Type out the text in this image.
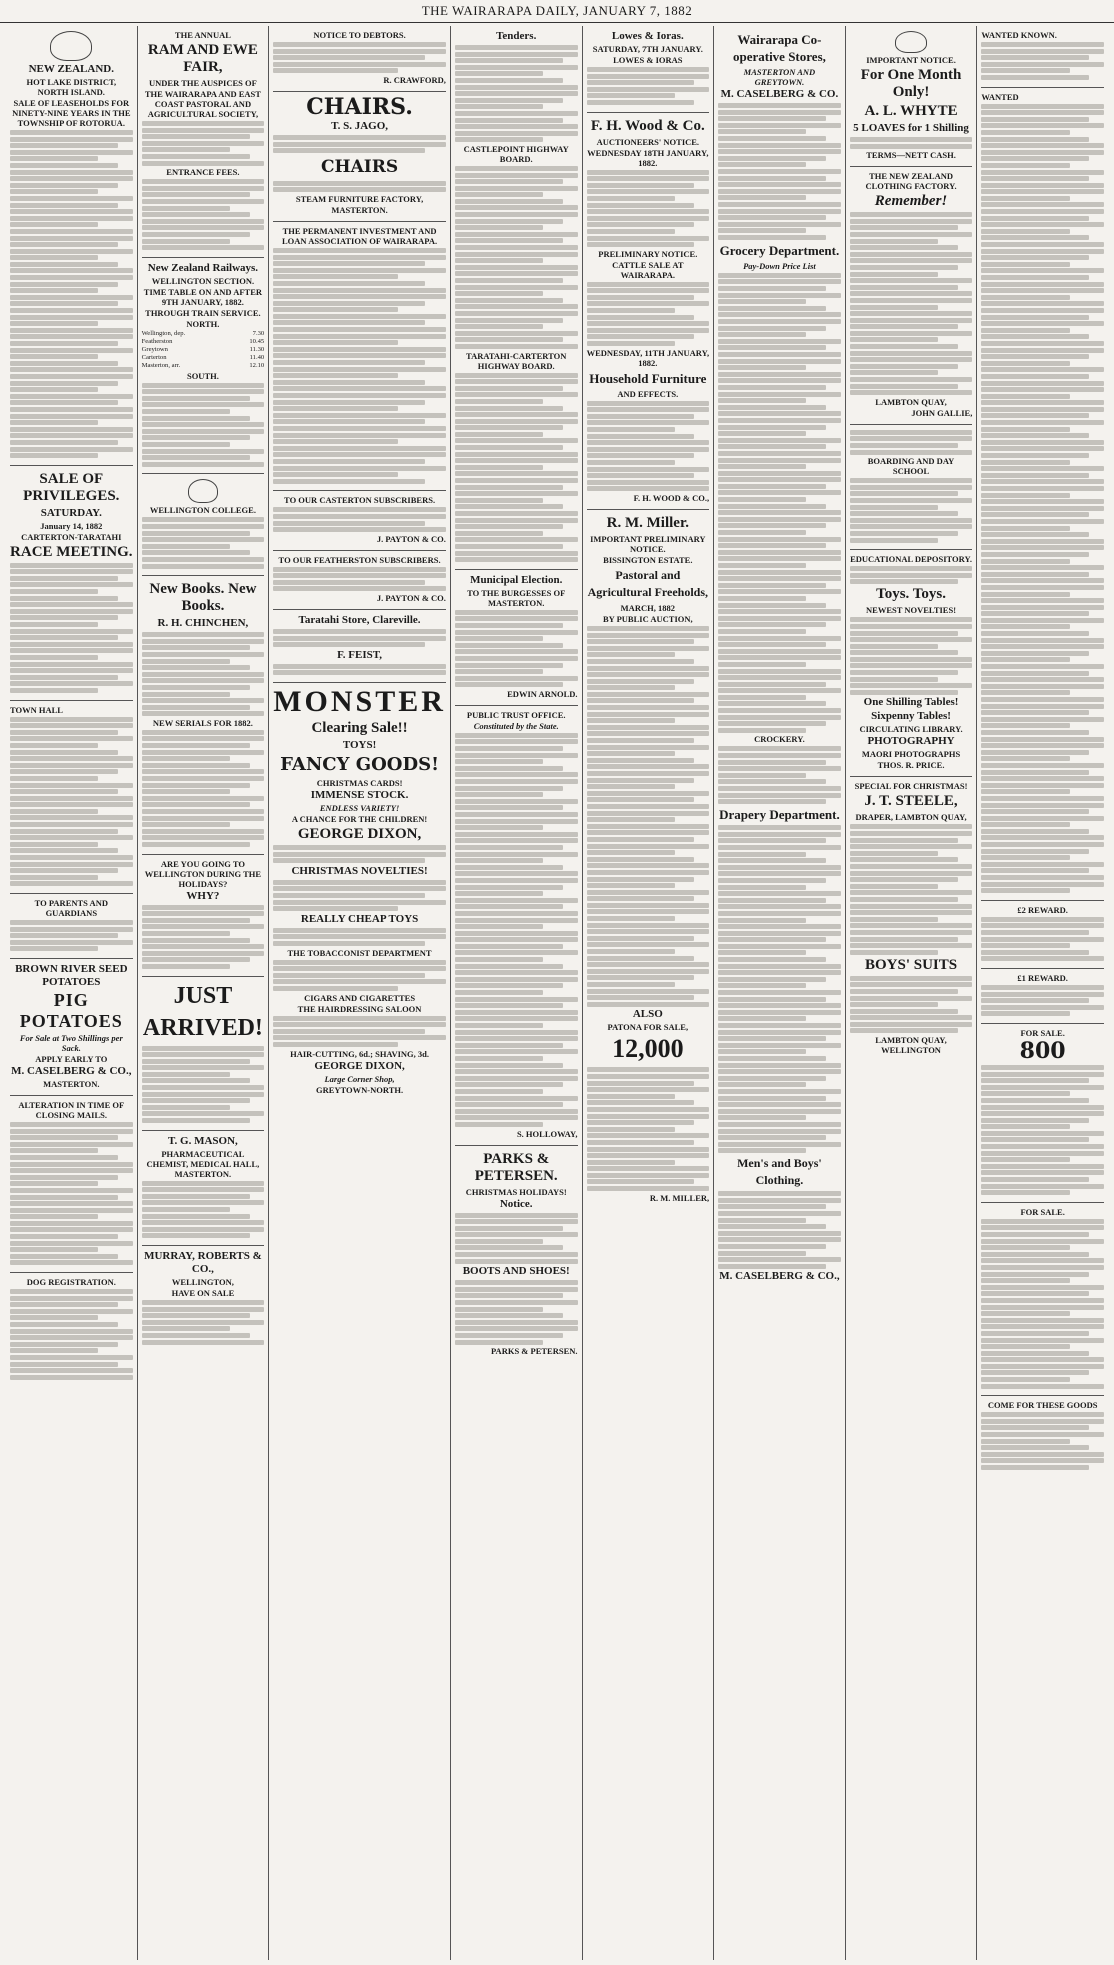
THE WAIRARAPA DAILY, JANUARY 7, 1882
NEW ZEALAND.
HOT LAKE DISTRICT, NORTH ISLAND.
SALE OF LEASEHOLDS FOR NINETY-NINE YEARS IN THE TOWNSHIP OF ROTORUA.
SALE OF PRIVILEGES.
SATURDAY.
January 14, 1882
CARTERTON-TARATAHI
RACE MEETING.
TOWN HALL
TO PARENTS AND GUARDIANS
BROWN RIVER SEED POTATOES
PIG POTATOES
For Sale at Two Shillings per Sack.
APPLY EARLY TO
M. CASELBERG & CO.,
MASTERTON.
ALTERATION IN TIME OF CLOSING MAILS.
DOG REGISTRATION.
THE ANNUAL
RAM AND EWE FAIR,
UNDER THE AUSPICES OF
THE WAIRARAPA AND EAST COAST PASTORAL AND AGRICULTURAL SOCIETY,
ENTRANCE FEES.
New Zealand Railways.
WELLINGTON SECTION.
TIME TABLE ON AND AFTER 9TH JANUARY, 1882.
THROUGH TRAIN SERVICE.
NORTH.
Wellington, dep.	7.30
Featherston	10.45
Greytown	11.30
Carterton	11.40
Masterton, arr.	12.10
SOUTH.
WELLINGTON COLLEGE.
New Books. New Books.
R. H. CHINCHEN,
NEW SERIALS FOR 1882.
ARE YOU GOING TO WELLINGTON DURING THE HOLIDAYS?
WHY?
JUST ARRIVED!
T. G. MASON,
PHARMACEUTICAL CHEMIST, MEDICAL HALL, MASTERTON.
MURRAY, ROBERTS & CO.,
WELLINGTON,
HAVE ON SALE
NOTICE TO DEBTORS.
R. CRAWFORD,
CHAIRS.
T. S. JAGO,
CHAIRS
STEAM FURNITURE FACTORY,
MASTERTON.
THE PERMANENT INVESTMENT AND LOAN ASSOCIATION OF WAIRARAPA.
TO OUR CASTERTON SUBSCRIBERS.
J. PAYTON & CO.
TO OUR FEATHERSTON SUBSCRIBERS.
J. PAYTON & CO.
Taratahi Store, Clareville.
F. FEIST,
MONSTER
Clearing Sale!!
TOYS!
FANCY GOODS!
CHRISTMAS CARDS!
IMMENSE STOCK.
ENDLESS VARIETY!
A CHANCE FOR THE CHILDREN!
GEORGE DIXON,
CHRISTMAS NOVELTIES!
REALLY CHEAP TOYS
THE TOBACCONIST DEPARTMENT
CIGARS AND CIGARETTES
THE HAIRDRESSING SALOON
HAIR-CUTTING, 6d.; SHAVING, 3d.
GEORGE DIXON,
Large Corner Shop,
GREYTOWN-NORTH.
Tenders.
CASTLEPOINT HIGHWAY BOARD.
TARATAHI-CARTERTON HIGHWAY BOARD.
Municipal Election.
TO THE BURGESSES OF MASTERTON.
EDWIN ARNOLD.
PUBLIC TRUST OFFICE.
Constituted by the State.
S. HOLLOWAY,
PARKS & PETERSEN.
CHRISTMAS HOLIDAYS!
Notice.
BOOTS AND SHOES!
PARKS & PETERSEN.
Lowes & Ioras.
SATURDAY, 7TH JANUARY.
LOWES & IORAS
F. H. Wood & Co.
AUCTIONEERS' NOTICE.
WEDNESDAY 18TH JANUARY, 1882.
PRELIMINARY NOTICE.
CATTLE SALE AT WAIRARAPA.
WEDNESDAY, 11TH JANUARY, 1882.
Household Furniture
AND EFFECTS.
F. H. WOOD & CO.,
R. M. Miller.
IMPORTANT PRELIMINARY NOTICE.
BISSINGTON ESTATE.
Pastoral and Agricultural Freeholds,
MARCH, 1882
BY PUBLIC AUCTION,
ALSO
PATONA FOR SALE,
12,000
R. M. MILLER,
Wairarapa Co-operative Stores,
MASTERTON AND GREYTOWN.
M. CASELBERG & CO.
Grocery Department.
Pay-Down Price List
CROCKERY.
Drapery Department.
Men's and Boys' Clothing.
M. CASELBERG & CO.,
IMPORTANT NOTICE.
For One Month Only!
A. L. WHYTE
5 LOAVES for 1 Shilling
TERMS—NETT CASH.
THE NEW ZEALAND CLOTHING FACTORY.
Remember!
LAMBTON QUAY,
JOHN GALLIE,
BOARDING AND DAY SCHOOL
EDUCATIONAL DEPOSITORY.
Toys. Toys.
NEWEST NOVELTIES!
One Shilling Tables!
Sixpenny Tables!
CIRCULATING LIBRARY.
PHOTOGRAPHY
MAORI PHOTOGRAPHS
THOS. R. PRICE.
SPECIAL FOR CHRISTMAS!
J. T. STEELE,
DRAPER, LAMBTON QUAY,
BOYS' SUITS
LAMBTON QUAY, WELLINGTON
WANTED KNOWN.
WANTED
£2 REWARD.
£1 REWARD.
FOR SALE.
800
FOR SALE.
COME FOR THESE GOODS
